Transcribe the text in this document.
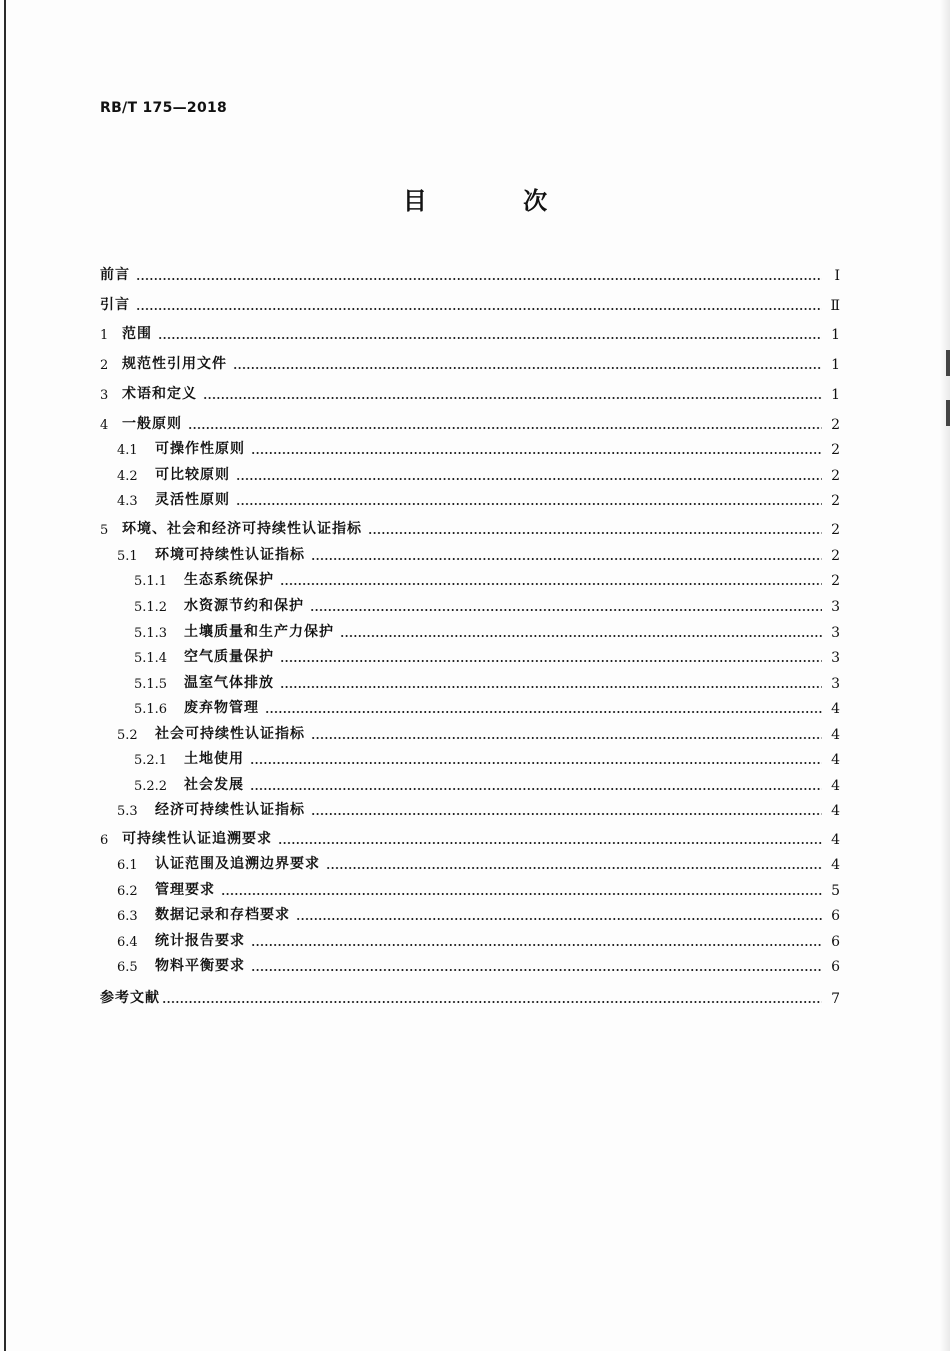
RB/T 175—2018
目 次
前言	Ⅰ
引言	Ⅱ
1 范围	1
2 规范性引用文件	1
3 术语和定义	1
4 一般原则	2
4.1	可操作性原则	2
4.2	可比较原则	2
4.3	灵活性原则	2
5 环境、社会和经济可持续性认证指标	2
5.1	环境可持续性认证指标	2
5.1.1	生态系统保护	2
5.1.2	水资源节约和保护	3
5.1.3	土壤质量和生产力保护	3
5.1.4	空气质量保护	3
5.1.5	温室气体排放	3
5.1.6	废弃物管理	4
5.2	社会可持续性认证指标	4
5.2.1	土地使用	4
5.2.2	社会发展	4
5.3	经济可持续性认证指标	4
6 可持续性认证追溯要求	4
6.1	认证范围及追溯边界要求	4
6.2	管理要求	5
6.3	数据记录和存档要求	6
6.4	统计报告要求	6
6.5	物料平衡要求	6
参考文献	7
